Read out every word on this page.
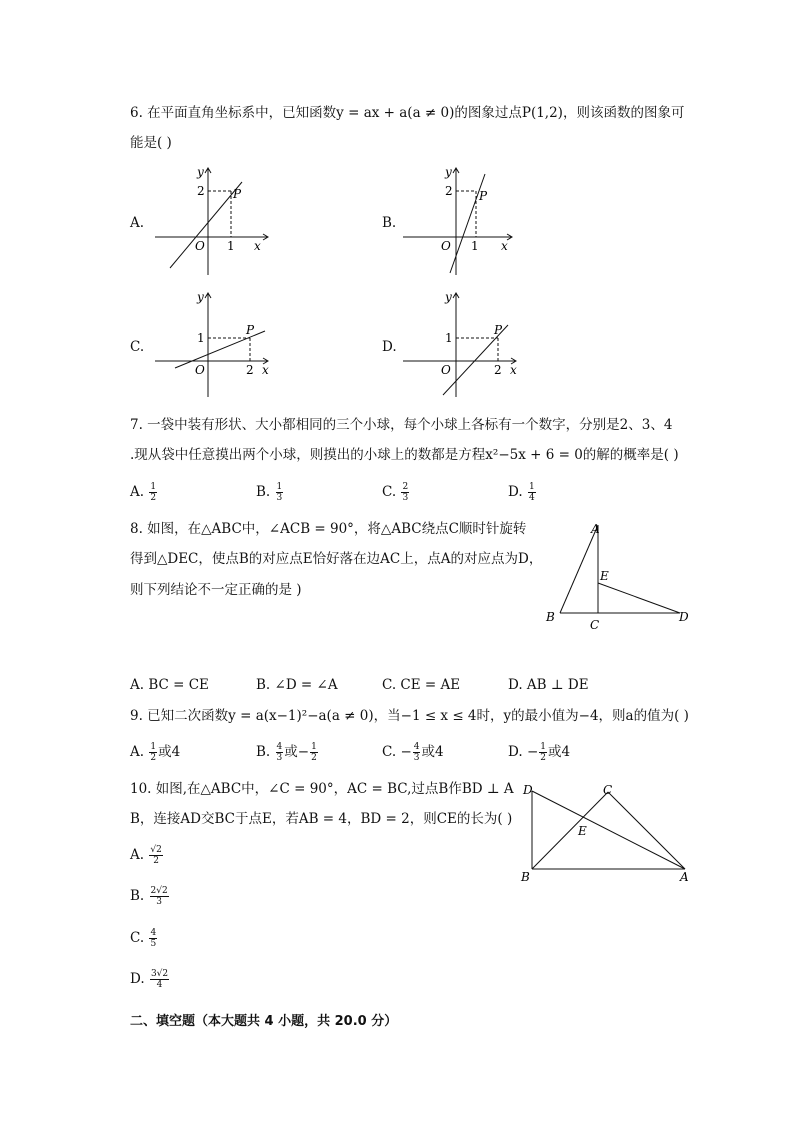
6. 在平面直角坐标系中，已知函数y = ax + a(a ≠ 0)的图象过点P(1,2)，则该函数的图象可
能是( )
A.	B.
C.	D.
y
x
O
P
2
1
y
x
O
P
2
1
y
x
O
P
1
2
y
x
O
P
1
2
7. 一袋中装有形状、大小都相同的三个小球，每个小球上各标有一个数字，分别是2、3、4
.现从袋中任意摸出两个小球，则摸出的小球上的数都是方程x²−5x + 6 = 0的解的概率是( )
A. $\frac{1}{2}$	B. $\frac{1}{3}$	C. $\frac{2}{3}$	D. $\frac{1}{4}$
8. 如图，在△ABC中，∠ACB = 90°，将△ABC绕点C顺时针旋转
得到△DEC，使点B的对应点E恰好落在边AC上，点A的对应点为D，
则下列结论不一定正确的是 )
A
B
C
D
E
A. BC = CE	B. ∠D = ∠A	C. CE = AE	D. AB ⊥ DE
9. 已知二次函数y = a(x−1)²−a(a ≠ 0)，当−1 ≤ x ≤ 4时，y的最小值为−4，则a的值为( )
A. $\frac{1}{2}$ 或4	B. $\frac{4}{3}$ 或− $\frac{1}{2}$	C. − $\frac{4}{3}$ 或4	D. − $\frac{1}{2}$ 或4
10. 如图,在△ABC中，∠C = 90°，AC = BC,过点B作BD ⊥ A
B，连接AD交BC于点E，若AB = 4，BD = 2，则CE的长为( )
D	C
E
B	A
A. $\frac{√2}{2}$
B. $\frac{2√2}{3}$
C. $\frac{4}{5}$
D. $\frac{3√2}{4}$
二、填空题（本大题共 4 小题，共 20.0 分）
